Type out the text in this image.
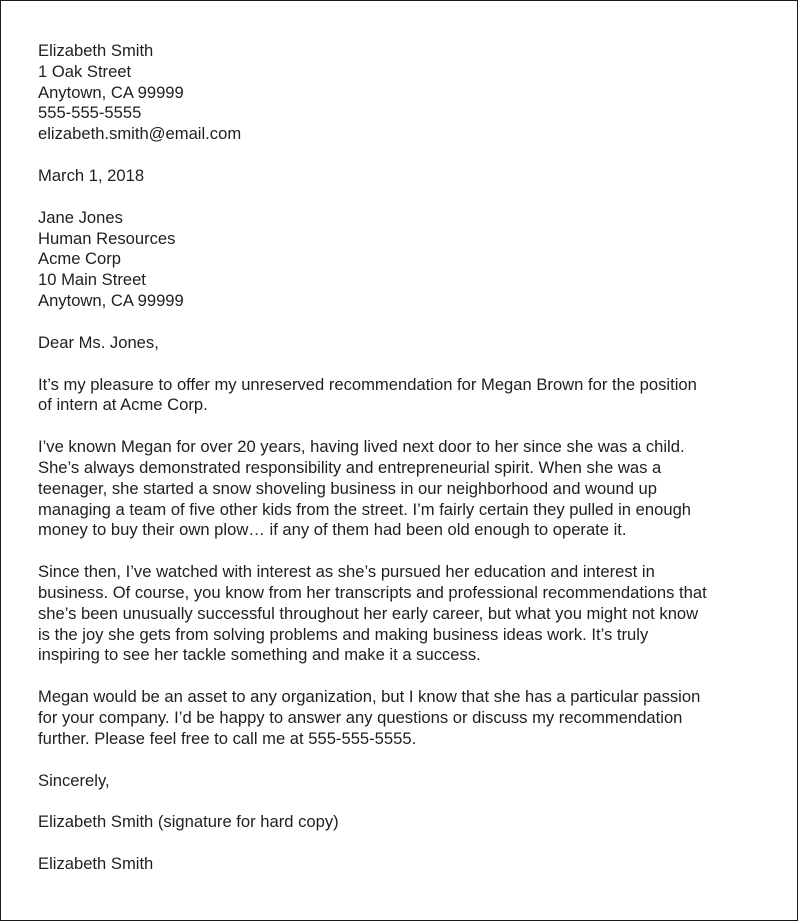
Elizabeth Smith
1 Oak Street
Anytown, CA 99999
555-555-5555
elizabeth.smith@email.com
March 1, 2018
Jane Jones
Human Resources
Acme Corp
10 Main Street
Anytown, CA 99999
Dear Ms. Jones,
It’s my pleasure to offer my unreserved recommendation for Megan Brown for the position
of intern at Acme Corp.
I’ve known Megan for over 20 years, having lived next door to her since she was a child.
She’s always demonstrated responsibility and entrepreneurial spirit. When she was a
teenager, she started a snow shoveling business in our neighborhood and wound up
managing a team of five other kids from the street. I’m fairly certain they pulled in enough
money to buy their own plow… if any of them had been old enough to operate it.
Since then, I’ve watched with interest as she’s pursued her education and interest in
business. Of course, you know from her transcripts and professional recommendations that
she’s been unusually successful throughout her early career, but what you might not know
is the joy she gets from solving problems and making business ideas work. It’s truly
inspiring to see her tackle something and make it a success.
Megan would be an asset to any organization, but I know that she has a particular passion
for your company. I’d be happy to answer any questions or discuss my recommendation
further. Please feel free to call me at 555-555-5555.
Sincerely,
Elizabeth Smith (signature for hard copy)
Elizabeth Smith
